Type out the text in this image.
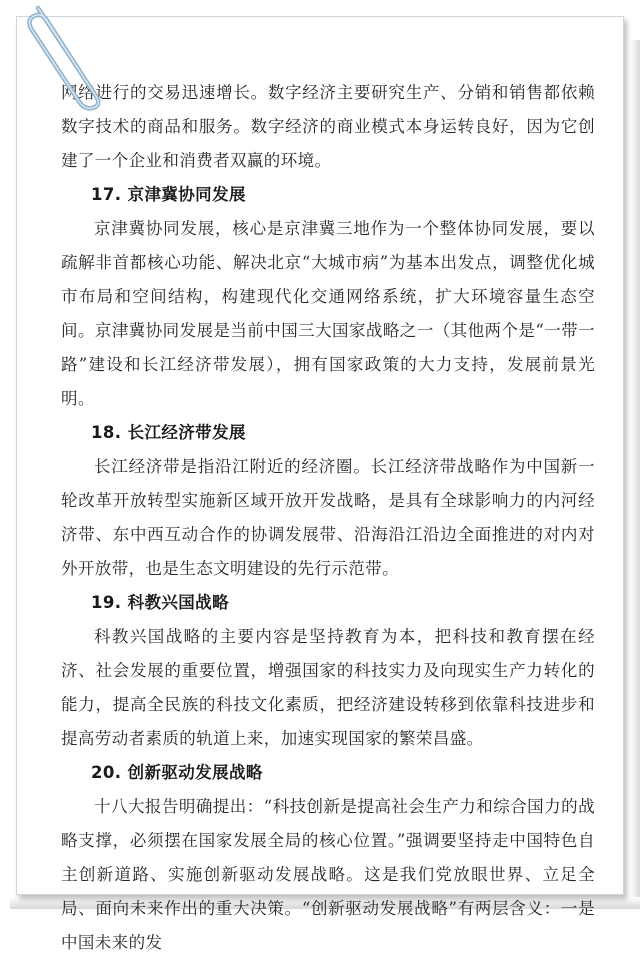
网络进行的交易迅速增长。数字经济主要研究生产、分销和销售都依赖数字技术的商品和服务。数字经济的商业模式本身运转良好，因为它创建了一个企业和消费者双赢的环境。

17. 京津冀协同发展

京津冀协同发展，核心是京津冀三地作为一个整体协同发展，要以疏解非首都核心功能、解决北京“大城市病”为基本出发点，调整优化城市布局和空间结构，构建现代化交通网络系统，扩大环境容量生态空间。京津冀协同发展是当前中国三大国家战略之一（其他两个是“一带一路”建设和长江经济带发展），拥有国家政策的大力支持，发展前景光明。

18. 长江经济带发展

长江经济带是指沿江附近的经济圈。长江经济带战略作为中国新一轮改革开放转型实施新区域开放开发战略，是具有全球影响力的内河经济带、东中西互动合作的协调发展带、沿海沿江沿边全面推进的对内对外开放带，也是生态文明建设的先行示范带。

19. 科教兴国战略

科教兴国战略的主要内容是坚持教育为本，把科技和教育摆在经济、社会发展的重要位置，增强国家的科技实力及向现实生产力转化的能力，提高全民族的科技文化素质，把经济建设转移到依靠科技进步和提高劳动者素质的轨道上来，加速实现国家的繁荣昌盛。

20. 创新驱动发展战略

十八大报告明确提出：“科技创新是提高社会生产力和综合国力的战略支撑，必须摆在国家发展全局的核心位置。”强调要坚持走中国特色自主创新道路、实施创新驱动发展战略。这是我们党放眼世界、立足全局、面向未来作出的重大决策。“创新驱动发展战略”有两层含义：一是中国未来的发
